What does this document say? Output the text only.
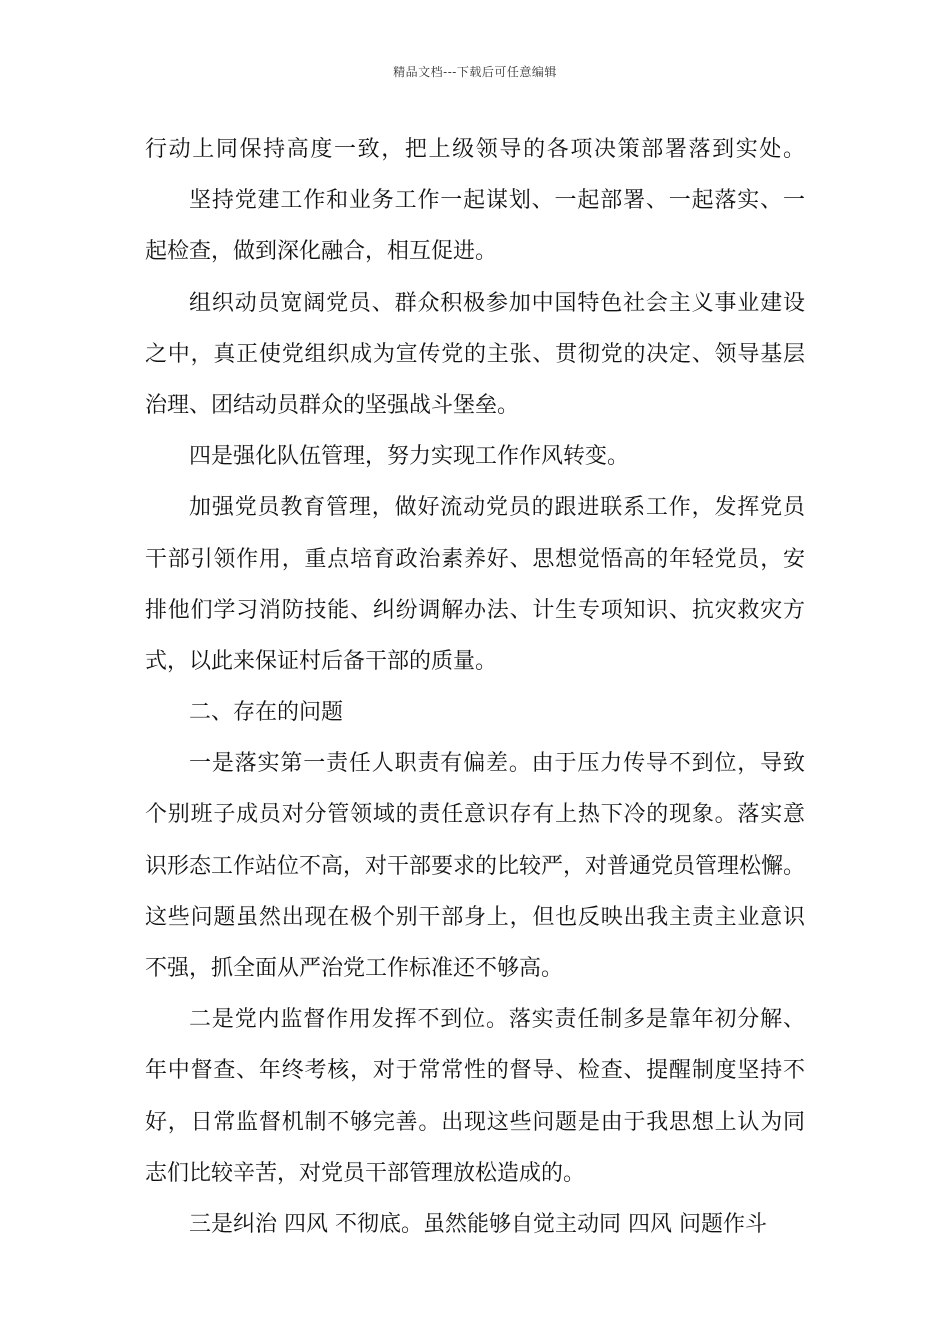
精品文档---下载后可任意编辑
行动上同保持高度一致，把上级领导的各项决策部署落到实处。
坚持党建工作和业务工作一起谋划、一起部署、一起落实、一
起检查，做到深化融合，相互促进。
组织动员宽阔党员、群众积极参加中国特色社会主义事业建设
之中，真正使党组织成为宣传党的主张、贯彻党的决定、领导基层
治理、团结动员群众的坚强战斗堡垒。
四是强化队伍管理，努力实现工作作风转变。
加强党员教育管理，做好流动党员的跟进联系工作，发挥党员
干部引领作用，重点培育政治素养好、思想觉悟高的年轻党员，安
排他们学习消防技能、纠纷调解办法、计生专项知识、抗灾救灾方
式，以此来保证村后备干部的质量。
二、存在的问题
一是落实第一责任人职责有偏差。由于压力传导不到位，导致
个别班子成员对分管领域的责任意识存有上热下冷的现象。落实意
识形态工作站位不高，对干部要求的比较严，对普通党员管理松懈。
这些问题虽然出现在极个别干部身上，但也反映出我主责主业意识
不强，抓全面从严治党工作标准还不够高。
二是党内监督作用发挥不到位。落实责任制多是靠年初分解、
年中督查、年终考核，对于常常性的督导、检查、提醒制度坚持不
好，日常监督机制不够完善。出现这些问题是由于我思想上认为同
志们比较辛苦，对党员干部管理放松造成的。
三是纠治 四风 不彻底。虽然能够自觉主动同 四风 问题作斗
